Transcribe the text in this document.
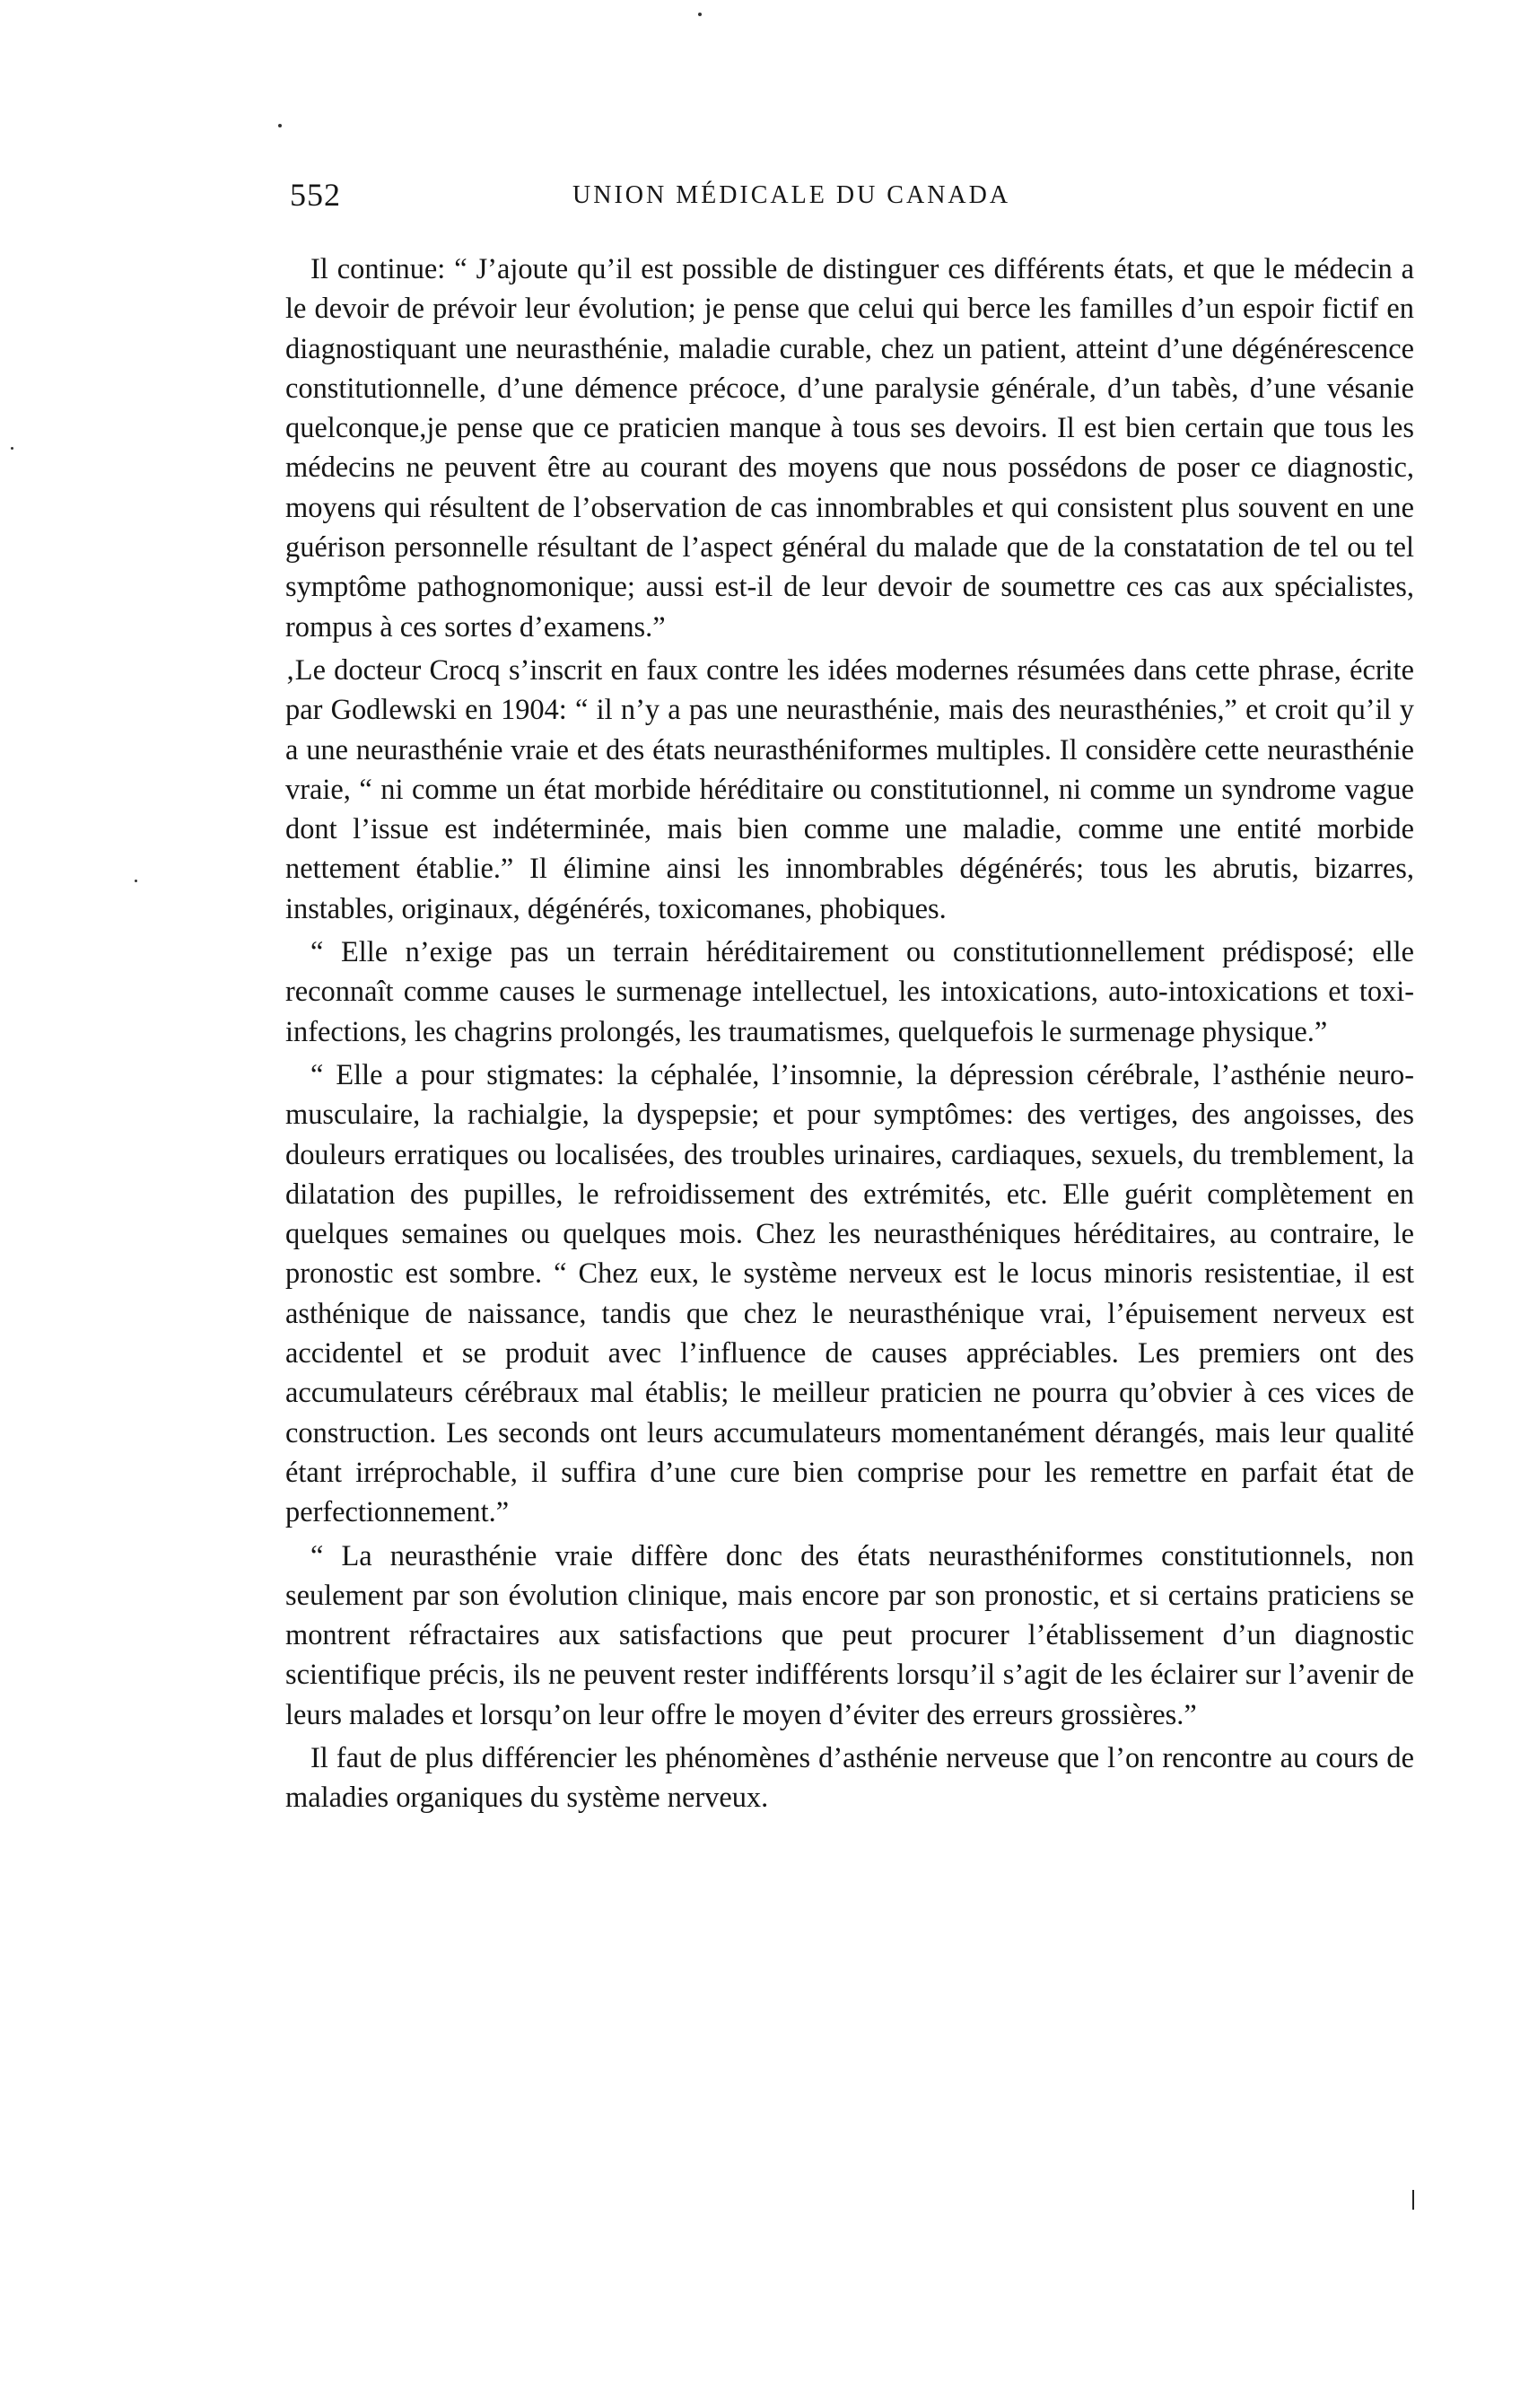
552	UNION MÉDICALE DU CANADA

Il continue: “ J’ajoute qu’il est possible de distinguer ces différents états, et que le médecin a le devoir de prévoir leur évolution; je pense que celui qui berce les familles d’un espoir fictif en diagnostiquant une neurasthénie, maladie curable, chez un patient, atteint d’une dégénérescence constitutionnelle, d’une démence précoce, d’une paralysie générale, d’un tabès, d’une vésanie quelconque,je pense que ce praticien manque à tous ses devoirs. Il est bien certain que tous les médecins ne peuvent être au courant des moyens que nous possédons de poser ce diagnostic, moyens qui résultent de l’observation de cas innombrables et qui consistent plus souvent en une guérison personnelle résultant de l’aspect général du malade que de la constatation de tel ou tel symptôme pathognomonique; aussi est-il de leur devoir de soumettre ces cas aux spécialistes, rompus à ces sortes d’examens.”

‚Le docteur Crocq s’inscrit en faux contre les idées modernes résumées dans cette phrase, écrite par Godlewski en 1904: “ il n’y a pas une neurasthénie, mais des neurasthénies,” et croit qu’il y a une neurasthénie vraie et des états neurasthéniformes multiples. Il considère cette neurasthénie vraie, “ ni comme un état morbide héréditaire ou constitutionnel, ni comme un syndrome vague dont l’issue est indéterminée, mais bien comme une maladie, comme une entité morbide nettement établie.” Il élimine ainsi les innombrables dégénérés; tous les abrutis, bizarres, instables, originaux, dégénérés, toxicomanes, phobiques.

“ Elle n’exige pas un terrain héréditairement ou constitutionnellement prédisposé; elle reconnaît comme causes le surmenage intellectuel, les intoxications, auto-intoxications et toxi-infections, les chagrins prolongés, les traumatismes, quelquefois le surmenage physique.”

“ Elle a pour stigmates: la céphalée, l’insomnie, la dépression cérébrale, l’asthénie neuro-musculaire, la rachialgie, la dyspepsie; et pour symptômes: des vertiges, des angoisses, des douleurs erratiques ou localisées, des troubles urinaires, cardiaques, sexuels, du tremblement, la dilatation des pupilles, le refroidissement des extrémités, etc. Elle guérit complètement en quelques semaines ou quelques mois. Chez les neurasthéniques héréditaires, au contraire, le pronostic est sombre. “ Chez eux, le système nerveux est le locus minoris resistentiae, il est asthénique de naissance, tandis que chez le neurasthénique vrai, l’épuisement nerveux est accidentel et se produit avec l’influence de causes appréciables. Les premiers ont des accumulateurs cérébraux mal établis; le meilleur praticien ne pourra qu’obvier à ces vices de construction. Les seconds ont leurs accumulateurs momentanément dérangés, mais leur qualité étant irréprochable, il suffira d’une cure bien comprise pour les remettre en parfait état de perfectionnement.”

“ La neurasthénie vraie diffère donc des états neurasthéniformes constitutionnels, non seulement par son évolution clinique, mais encore par son pronostic, et si certains praticiens se montrent réfractaires aux satisfactions que peut procurer l’établissement d’un diagnostic scientifique précis, ils ne peuvent rester indifférents lorsqu’il s’agit de les éclairer sur l’avenir de leurs malades et lorsqu’on leur offre le moyen d’éviter des erreurs grossières.”

Il faut de plus différencier les phénomènes d’asthénie nerveuse que l’on rencontre au cours de maladies organiques du système nerveux.
